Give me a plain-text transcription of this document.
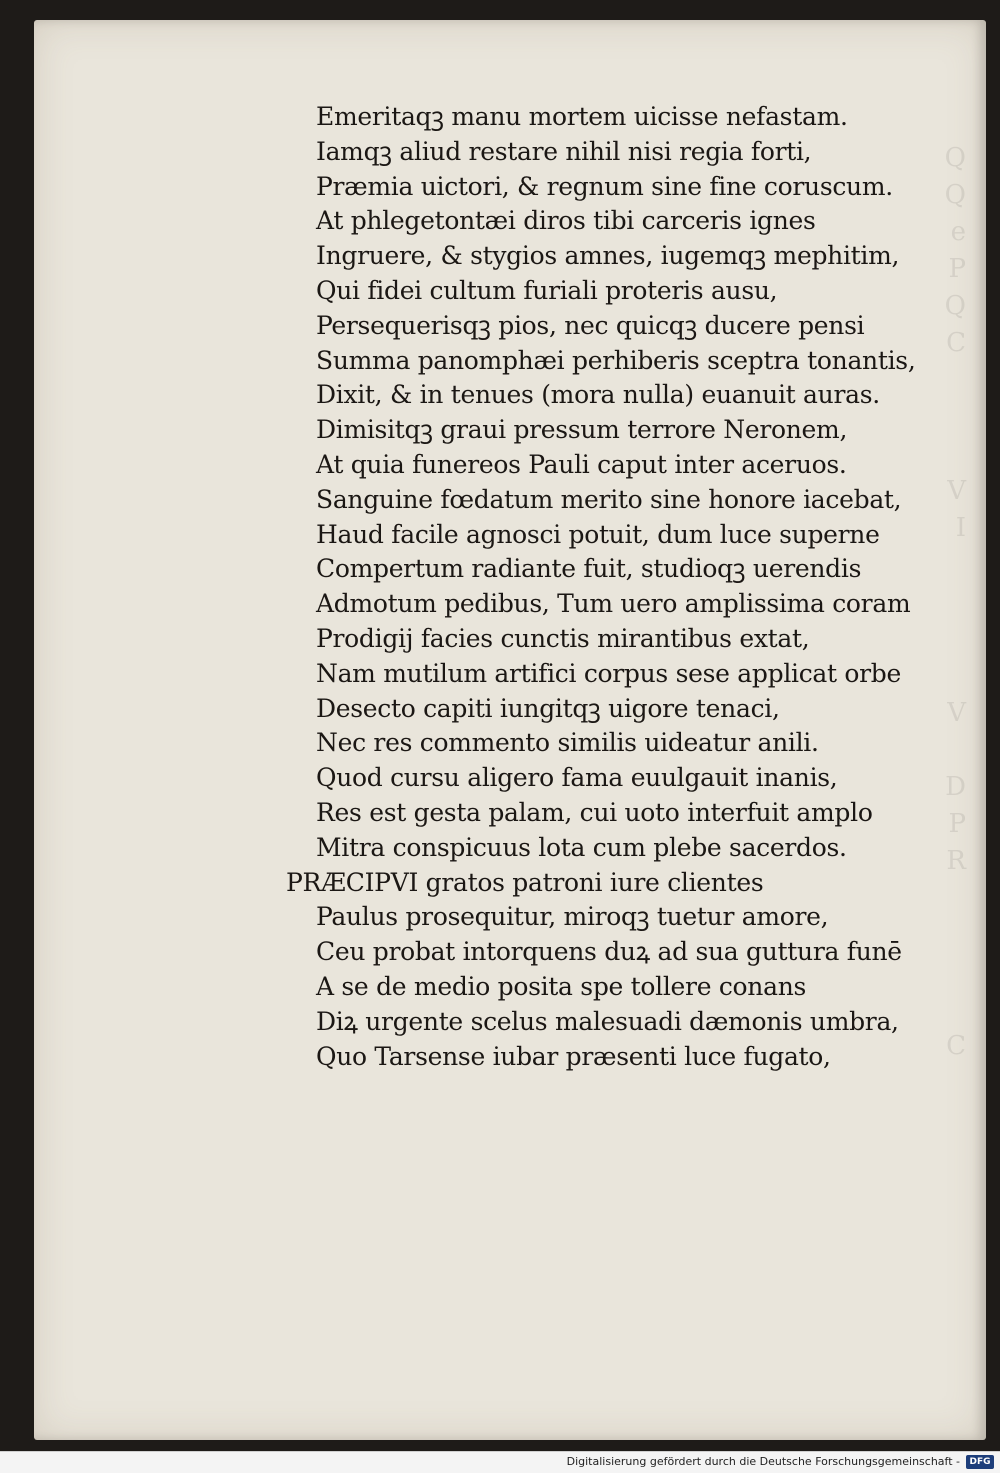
Q
Q
e
P
Q
C
V
I
V
D
P
R
C
Emeritaqꝫ manu mortem uicisse nefastam.
Iamqꝫ aliud restare nihil nisi regia forti,
Præmia uictori, & regnum sine fine coruscum.
At phlegetontæi diros tibi carceris ignes
Ingruere, & stygios amnes, iugemqꝫ mephitim,
Qui fidei cultum furiali proteris ausu,
Persequerisqꝫ pios, nec quicqꝫ ducere pensi
Summa panomphæi perhiberis sceptra tonantis,
Dixit, & in tenues (mora nulla) euanuit auras.
Dimisitqꝫ graui pressum terrore Neronem,
At quia funereos Pauli caput inter aceruos.
Sanguine fœdatum merito sine honore iacebat,
Haud facile agnosci potuit, dum luce superne
Compertum radiante fuit, studioqꝫ uerendis
Admotum pedibus, Tum uero amplissima coram
Prodigij facies cunctis mirantibus extat,
Nam mutilum artifici corpus sese applicat orbe
Desecto capiti iungitqꝫ uigore tenaci,
Nec res commento similis uideatur anili.
Quod cursu aligero fama euulgauit inanis,
Res est gesta palam, cui uoto interfuit amplo
Mitra conspicuus lota cum plebe sacerdos.
PRÆCIPVI gratos patroni iure clientes
Paulus prosequitur, miroqꝫ tuetur amore,
Ceu probat intorquens duꝝ ad sua guttura funē
A se de medio posita spe tollere conans
Diꝝ urgente scelus malesuadi dæmonis umbra,
Quo Tarsense iubar præsenti luce fugato,
Digitalisierung gefördert durch die Deutsche Forschungsgemeinschaft -	DFG
